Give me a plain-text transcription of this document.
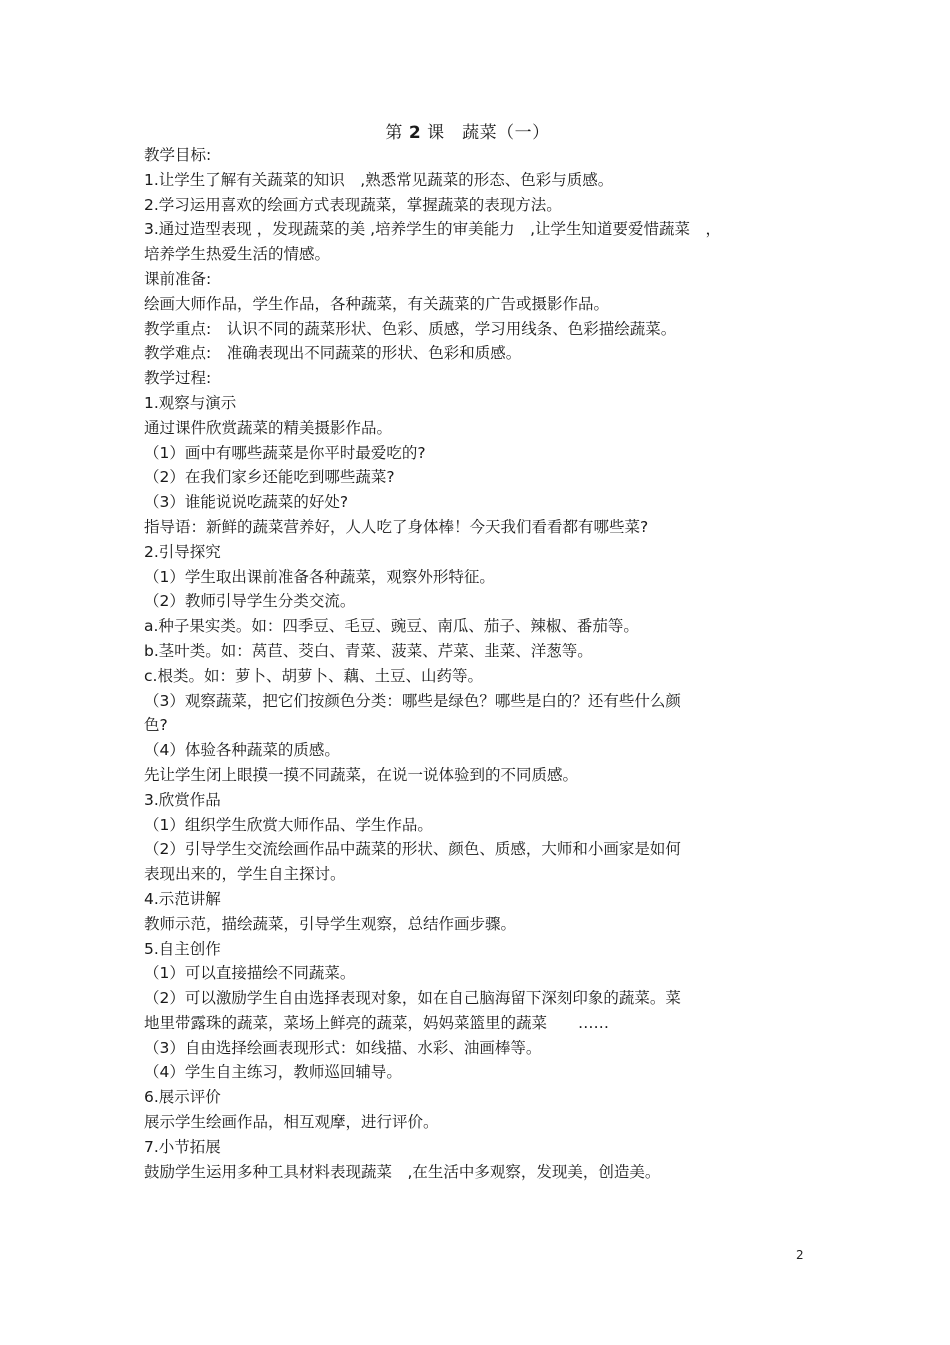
第 2 课　蔬菜（一）
教学目标:
1.让学生了解有关蔬菜的知识　,熟悉常见蔬菜的形态、色彩与质感。
2.学习运用喜欢的绘画方式表现蔬菜，掌握蔬菜的表现方法。
3.通过造型表现 ，发现蔬菜的美 ,培养学生的审美能力　,让学生知道要爱惜蔬菜　，
培养学生热爱生活的情感。
课前准备:
绘画大师作品，学生作品，各种蔬菜，有关蔬菜的广告或摄影作品。
教学重点:　认识不同的蔬菜形状、色彩、质感，学习用线条、色彩描绘蔬菜。
教学难点:　准确表现出不同蔬菜的形状、色彩和质感。
教学过程:
1.观察与演示
通过课件欣赏蔬菜的精美摄影作品。
（1）画中有哪些蔬菜是你平时最爱吃的?
（2）在我们家乡还能吃到哪些蔬菜?
（3）谁能说说吃蔬菜的好处?
指导语：新鲜的蔬菜营养好，人人吃了身体棒！今天我们看看都有哪些菜?
2.引导探究
（1）学生取出课前准备各种蔬菜，观察外形特征。
（2）教师引导学生分类交流。
a.种子果实类。如：四季豆、毛豆、豌豆、南瓜、茄子、辣椒、番茄等。
b.茎叶类。如：莴苣、茭白、青菜、菠菜、芹菜、韭菜、洋葱等。
c.根类。如：萝卜、胡萝卜、藕、土豆、山药等。
（3）观察蔬菜，把它们按颜色分类：哪些是绿色？哪些是白的？还有些什么颜
色?
（4）体验各种蔬菜的质感。
先让学生闭上眼摸一摸不同蔬菜，在说一说体验到的不同质感。
3.欣赏作品
（1）组织学生欣赏大师作品、学生作品。
（2）引导学生交流绘画作品中蔬菜的形状、颜色、质感，大师和小画家是如何
表现出来的，学生自主探讨。
4.示范讲解
教师示范，描绘蔬菜，引导学生观察，总结作画步骤。
5.自主创作
（1）可以直接描绘不同蔬菜。
（2）可以激励学生自由选择表现对象，如在自己脑海留下深刻印象的蔬菜。菜
地里带露珠的蔬菜，菜场上鲜亮的蔬菜，妈妈菜篮里的蔬菜　　……
（3）自由选择绘画表现形式：如线描、水彩、油画棒等。
（4）学生自主练习，教师巡回辅导。
6.展示评价
展示学生绘画作品，相互观摩，进行评价。
7.小节拓展
鼓励学生运用多种工具材料表现蔬菜　,在生活中多观察，发现美，创造美。
2
